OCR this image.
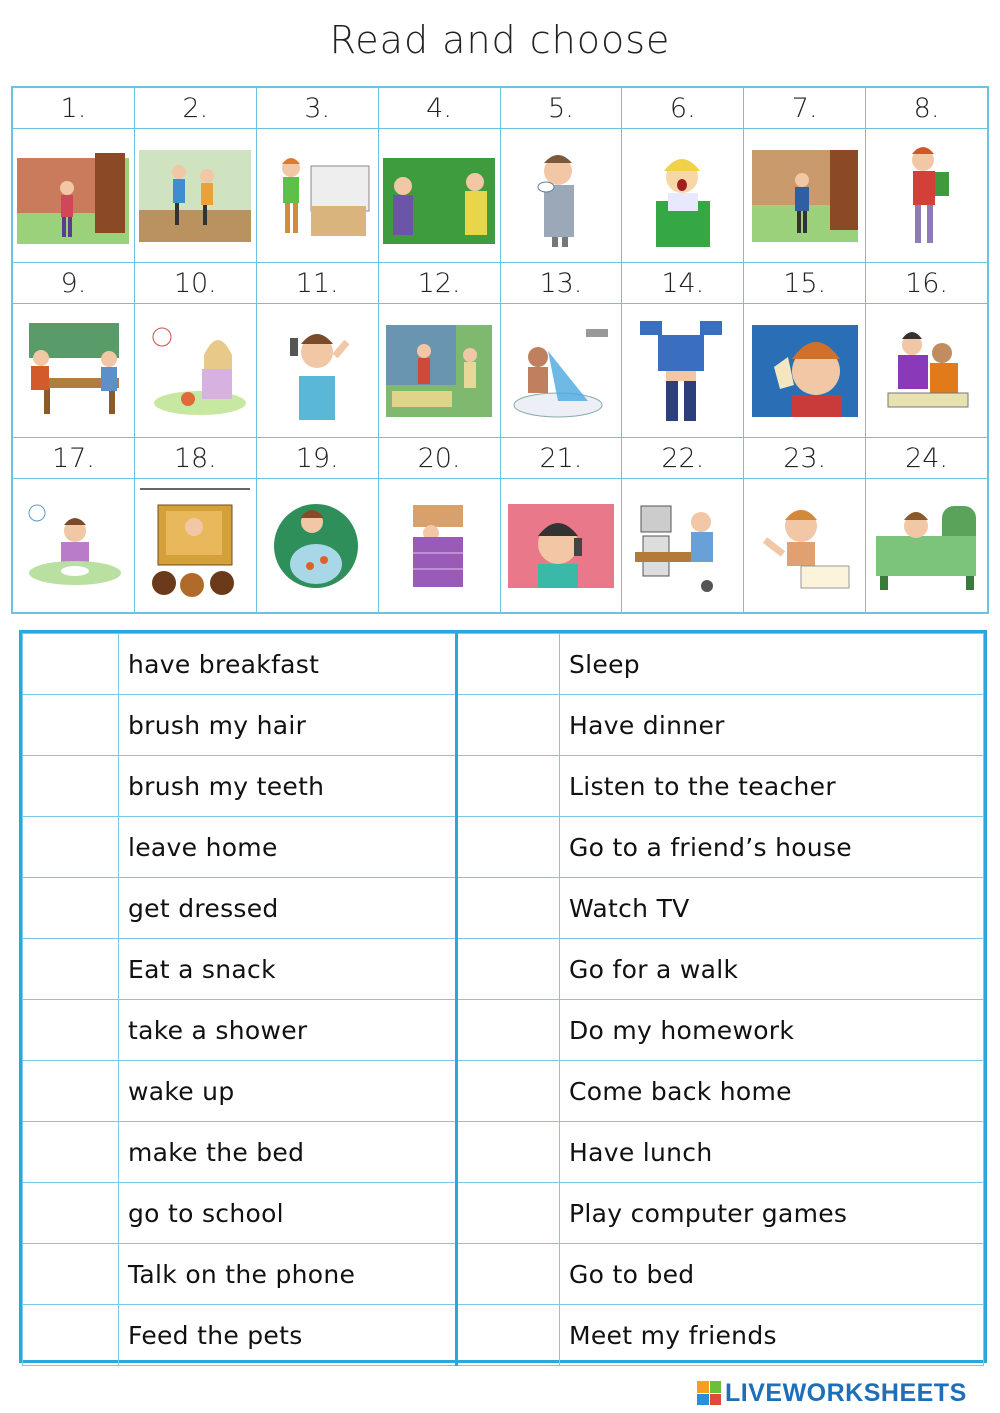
Read and choose
1.	2.	3.	4.	5.	6.	7.	8.

9.	10.	11.	12.	13.	14.	15.	16.

17.	18.	19.	20.	21.	22.	23.	24.

	have breakfast		Sleep
	brush my hair		Have dinner
	brush my teeth		Listen to the teacher
	leave home		Go to a friend’s house
	get dressed		Watch TV
	Eat a snack		Go for a walk
	take a shower		Do my homework
	wake up		Come back home
	make the bed		Have lunch
	go to school		Play computer games
	Talk on the phone		Go to bed
	Feed the pets		Meet my friends
LIVEWORKSHEETS
